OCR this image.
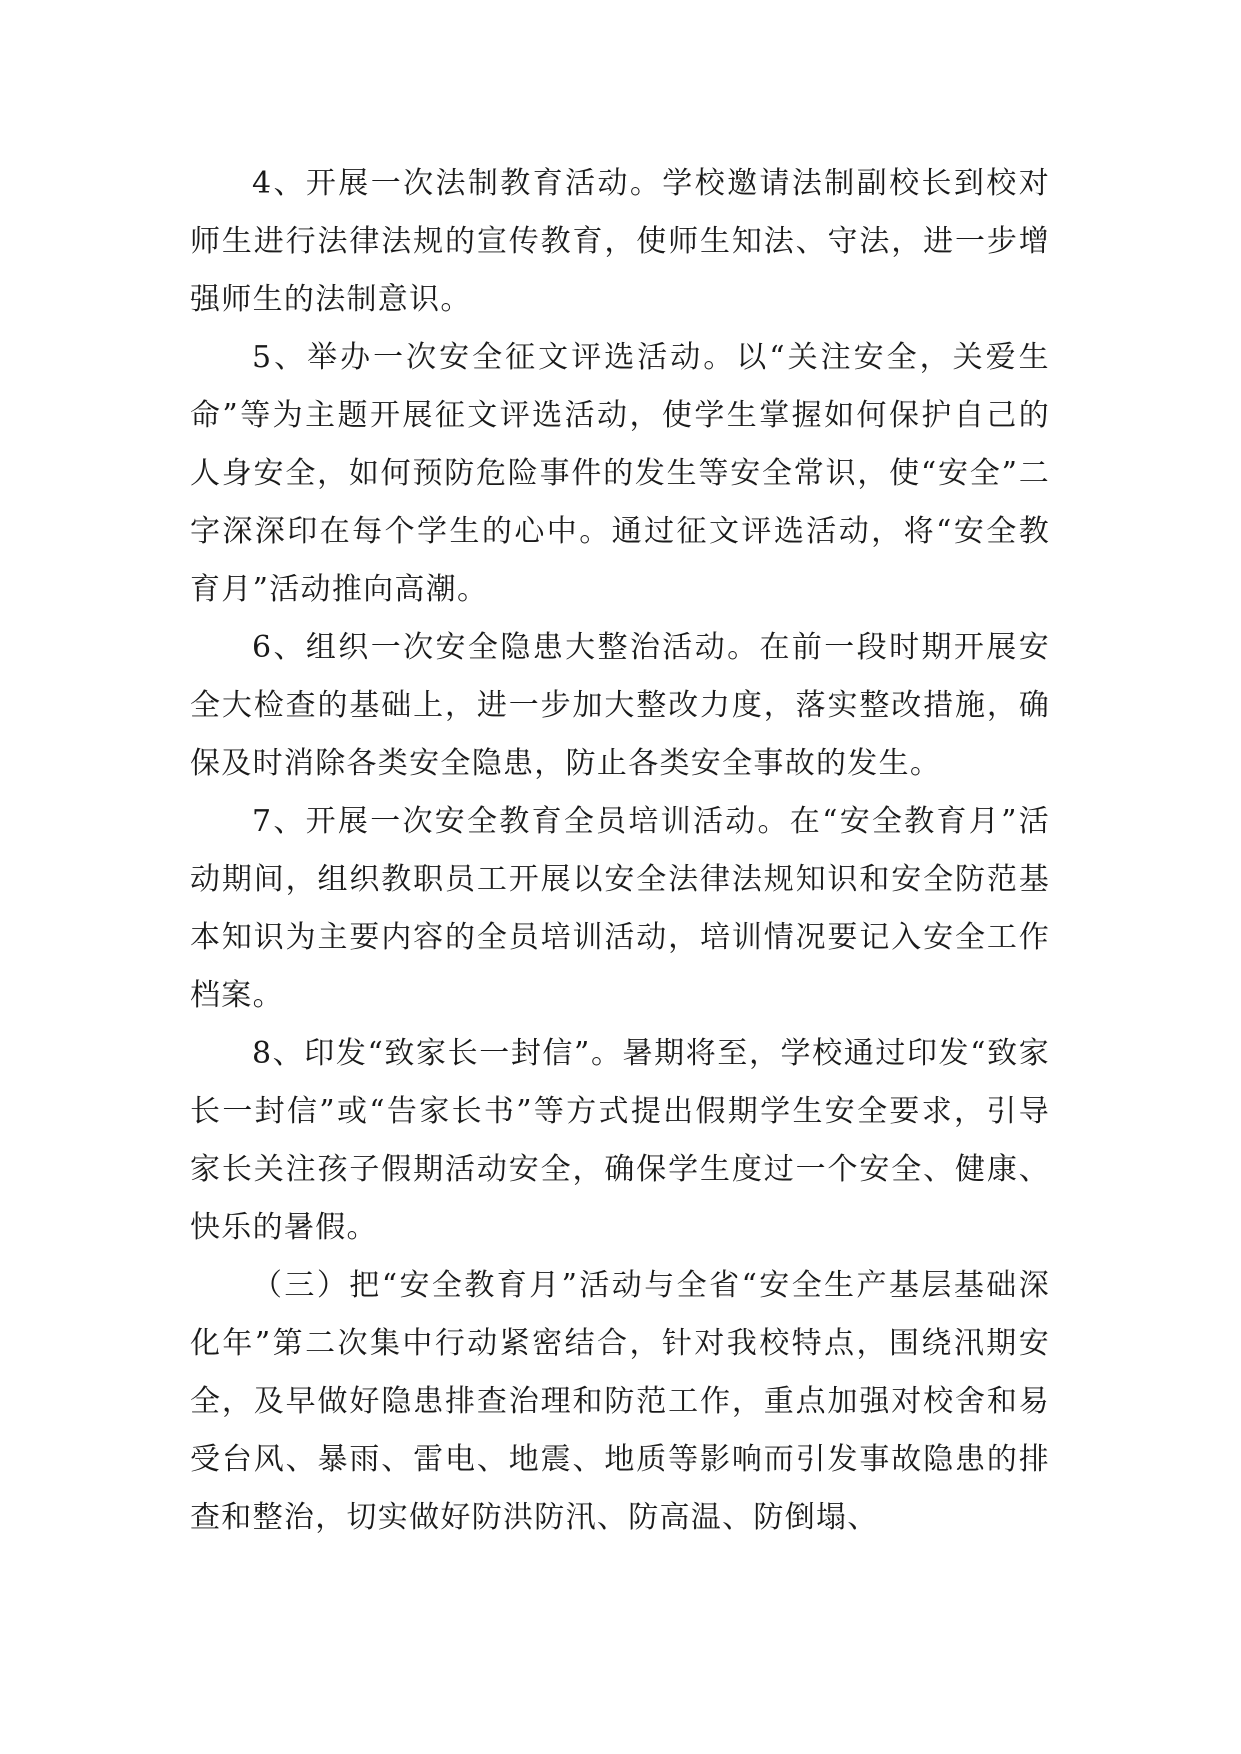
4、开展一次法制教育活动。学校邀请法制副校长到校对师生进行法律法规的宣传教育，使师生知法、守法，进一步增强师生的法制意识。

5、举办一次安全征文评选活动。以“关注安全，关爱生命”等为主题开展征文评选活动，使学生掌握如何保护自己的人身安全，如何预防危险事件的发生等安全常识，使“安全”二字深深印在每个学生的心中。通过征文评选活动，将“安全教育月”活动推向高潮。

6、组织一次安全隐患大整治活动。在前一段时期开展安全大检查的基础上，进一步加大整改力度，落实整改措施，确保及时消除各类安全隐患，防止各类安全事故的发生。

7、开展一次安全教育全员培训活动。在“安全教育月”活动期间，组织教职员工开展以安全法律法规知识和安全防范基本知识为主要内容的全员培训活动，培训情况要记入安全工作档案。

8、印发“致家长一封信”。暑期将至，学校通过印发“致家长一封信”或“告家长书”等方式提出假期学生安全要求，引导家长关注孩子假期活动安全，确保学生度过一个安全、健康、快乐的暑假。

（三）把“安全教育月”活动与全省“安全生产基层基础深化年”第二次集中行动紧密结合，针对我校特点，围绕汛期安全，及早做好隐患排查治理和防范工作，重点加强对校舍和易受台风、暴雨、雷电、地震、地质等影响而引发事故隐患的排查和整治，切实做好防洪防汛、防高温、防倒塌、
